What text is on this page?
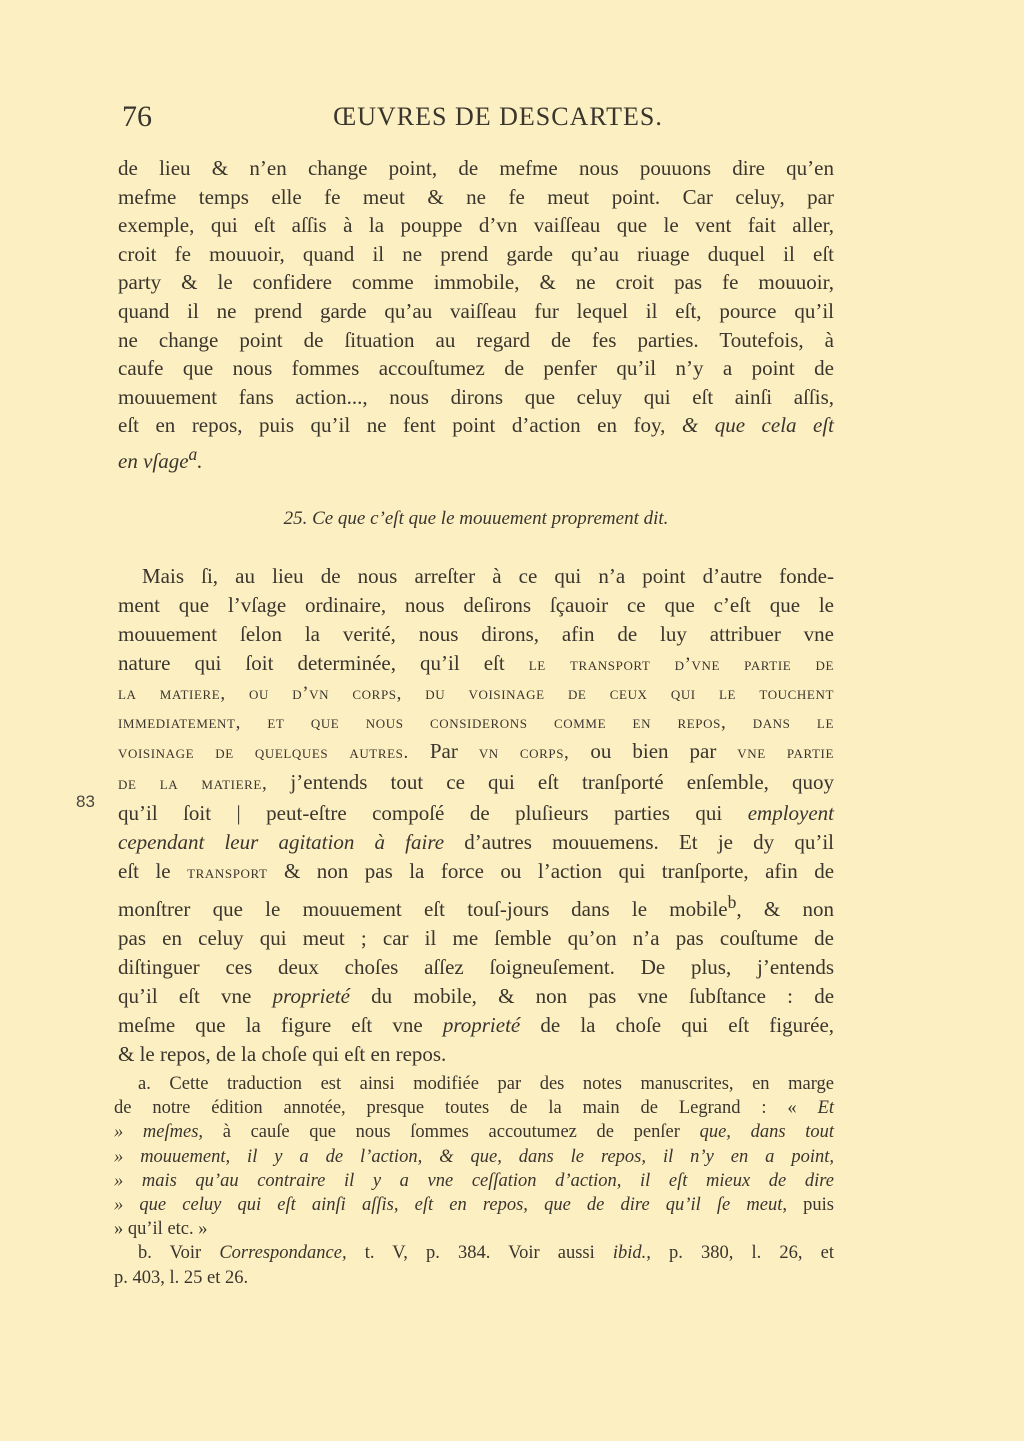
76	ŒUVRES DE DESCARTES.
de lieu & n’en change point, de mefme nous pouuons dire qu’en
mefme temps elle fe meut & ne fe meut point. Car celuy, par
exemple, qui eſt aſſis à la pouppe d’vn vaiſſeau que le vent fait aller,
croit fe mouuoir, quand il ne prend garde qu’au riuage duquel il eſt
party & le confidere comme immobile, & ne croit pas fe mouuoir,
quand il ne prend garde qu’au vaiſſeau fur lequel il eſt, pource qu’il
ne change point de ſituation au regard de fes parties. Toutefois, à
caufe que nous fommes accouſtumez de penfer qu’il n’y a point de
mouuement fans action..., nous dirons que celuy qui eſt ainſi aſſis,
eſt en repos, puis qu’il ne fent point d’action en foy, & que cela eſt
en vſage$^a$.
25. Ce que c’eſt que le mouuement proprement dit.
Mais ſi, au lieu de nous arreſter à ce qui n’a point d’autre fonde-
ment que l’vſage ordinaire, nous deſirons ſçauoir ce que c’eſt que le
mouuement ſelon la verité, nous dirons, afin de luy attribuer vne
nature qui ſoit determinée, qu’il eſt le transport d’vne partie de
la matiere, ou d’vn corps, du voisinage de ceux qui le touchent
immediatement, et que nous considerons comme en repos, dans le
voisinage de quelques autres. Par vn corps, ou bien par vne partie
de la matiere, j’entends tout ce qui eſt tranſporté enſemble, quoy
qu’il ſoit | peut-eſtre compoſé de pluſieurs parties qui employent
cependant leur agitation à faire d’autres mouuemens. Et je dy qu’il
eſt le transport & non pas la force ou l’action qui tranſporte, afin de
monſtrer que le mouuement eſt touſ-jours dans le mobile$^b$, & non
pas en celuy qui meut ; car il me ſemble qu’on n’a pas couſtume de
diſtinguer ces deux choſes aſſez ſoigneuſement. De plus, j’entends
qu’il eſt vne proprieté du mobile, & non pas vne ſubſtance : de
meſme que la figure eſt vne proprieté de la choſe qui eſt figurée,
& le repos, de la choſe qui eſt en repos.
83
a. Cette traduction est ainsi modifiée par des notes manuscrites, en marge
de notre édition annotée, presque toutes de la main de Legrand : « Et
» meſmes, à cauſe que nous ſommes accoutumez de penſer que, dans tout
» mouuement, il y a de l’action, & que, dans le repos, il n’y en a point,
» mais qu’au contraire il y a vne ceſſation d’action, il eſt mieux de dire
» que celuy qui eſt ainſi aſſis, eſt en repos, que de dire qu’il ſe meut, puis
» qu’il etc. »
b. Voir Correspondance, t. V, p. 384. Voir aussi ibid., p. 380, l. 26, et
p. 403, l. 25 et 26.
